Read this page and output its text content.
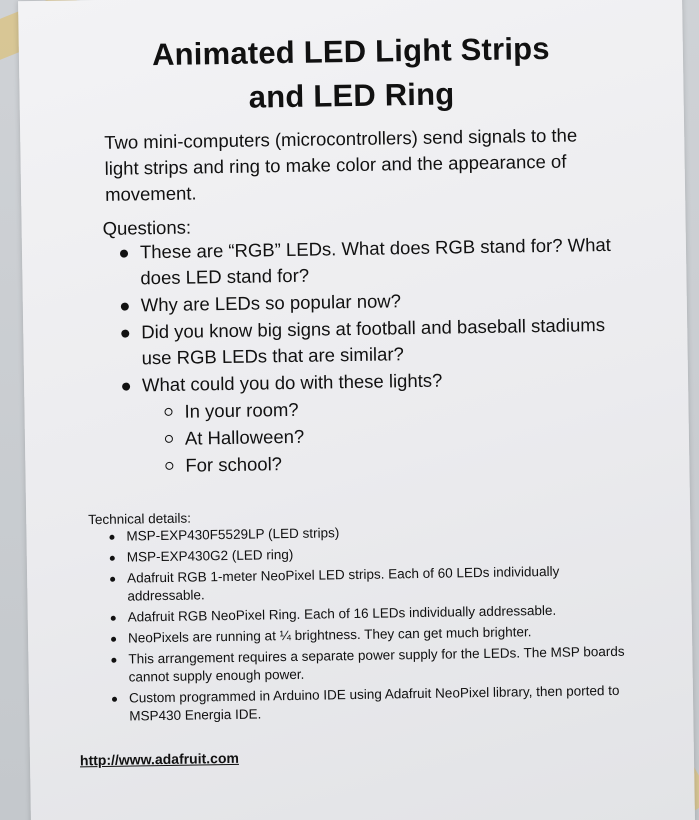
Animated LED Light Strips
and LED Ring

Two mini-computers (microcontrollers) send signals to the light strips and ring to make color and the appearance of movement.

Questions:

These are “RGB” LEDs. What does RGB stand for? What does LED stand for?
Why are LEDs so popular now?
Did you know big signs at football and baseball stadiums use RGB LEDs that are similar?
What could you do with these lights?
In your room?
At Halloween?
For school?

Technical details:

MSP-EXP430F5529LP (LED strips)
MSP-EXP430G2 (LED ring)
Adafruit RGB 1-meter NeoPixel LED strips. Each of 60 LEDs individually addressable.
Adafruit RGB NeoPixel Ring. Each of 16 LEDs individually addressable.
NeoPixels are running at ¼ brightness. They can get much brighter.
This arrangement requires a separate power supply for the LEDs. The MSP boards cannot supply enough power.
Custom programmed in Arduino IDE using Adafruit NeoPixel library, then ported to MSP430 Energia IDE.
http://www.adafruit.com
